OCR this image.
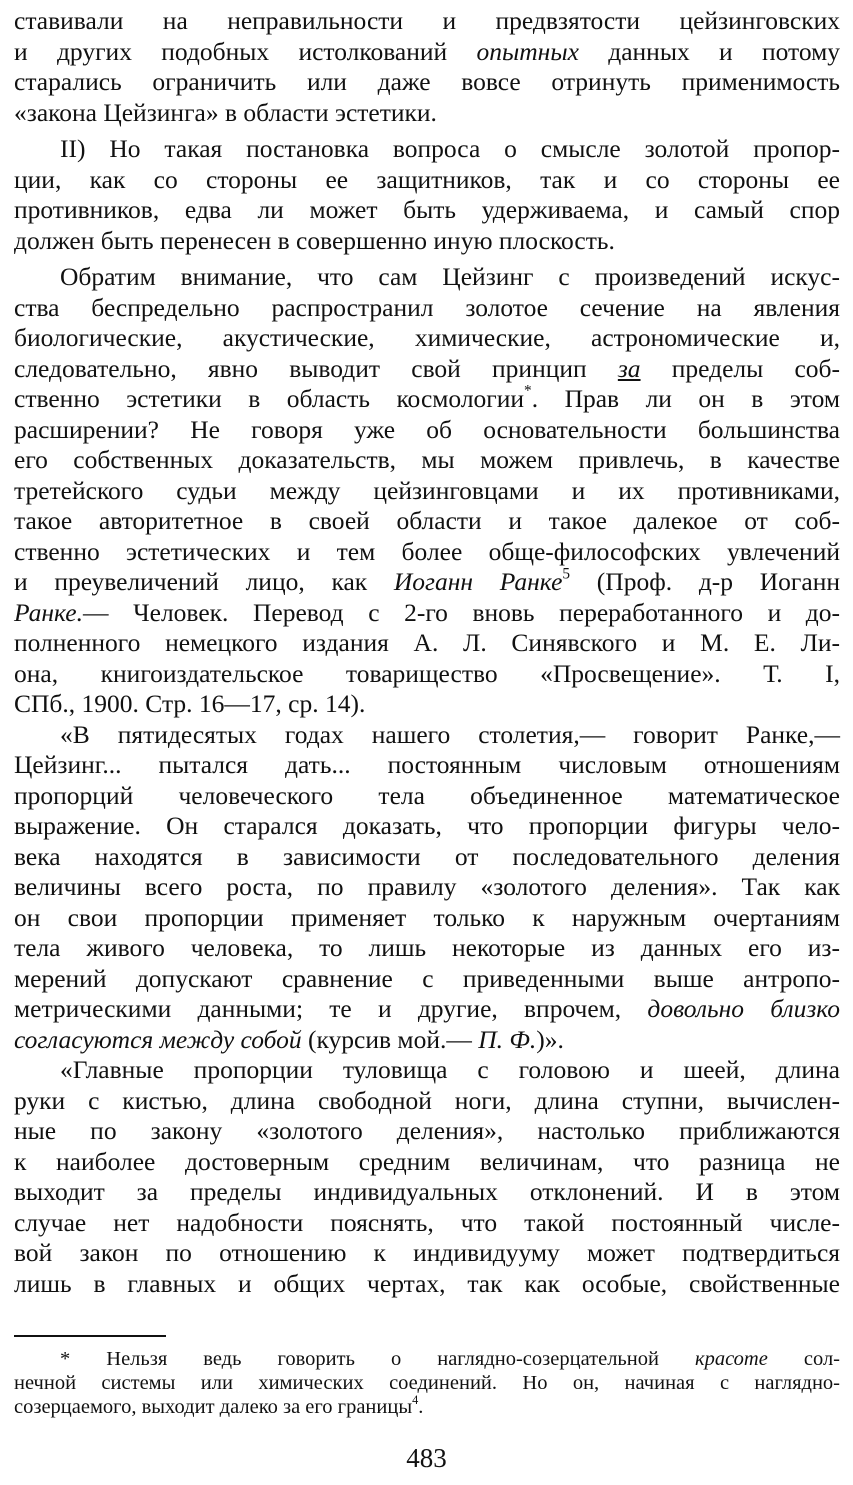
ставивали на неправильности и предвзятости цейзинговских
и других подобных истолкований опытных данных и потому
старались ограничить или даже вовсе отринуть применимость
«закона Цейзинга» в области эстетики.
II) Но такая постановка вопроса о смысле золотой пропор-
ции, как со стороны ее защитников, так и со стороны ее
противников, едва ли может быть удерживаема, и самый спор
должен быть перенесен в совершенно иную плоскость.
Обратим внимание, что сам Цейзинг с произведений искус-
ства беспредельно распространил золотое сечение на явления
биологические, акустические, химические, астрономические и,
следовательно, явно выводит свой принцип за пределы соб-
ственно эстетики в область космологии*. Прав ли он в этом
расширении? Не говоря уже об основательности большинства
его собственных доказательств, мы можем привлечь, в качестве
третейского судьи между цейзинговцами и их противниками,
такое авторитетное в своей области и такое далекое от соб-
ственно эстетических и тем более обще-философских увлечений
и преувеличений лицо, как Иоганн Ранке$^5$ (Проф. д-р Иоганн
Ранке.— Человек. Перевод с 2-го вновь переработанного и до-
полненного немецкого издания А. Л. Синявского и М. Е. Ли-
она, книгоиздательское товарищество «Просвещение». Т. I,
СПб., 1900. Стр. 16—17, ср. 14).
«В пятидесятых годах нашего столетия,— говорит Ранке,—
Цейзинг... пытался дать... постоянным числовым отношениям
пропорций человеческого тела объединенное математическое
выражение. Он старался доказать, что пропорции фигуры чело-
века находятся в зависимости от последовательного деления
величины всего роста, по правилу «золотого деления». Так как
он свои пропорции применяет только к наружным очертаниям
тела живого человека, то лишь некоторые из данных его из-
мерений допускают сравнение с приведенными выше антропо-
метрическими данными; те и другие, впрочем, довольно близко
согласуются между собой (курсив мой.— П. Ф.)».
«Главные пропорции туловища с головою и шеей, длина
руки с кистью, длина свободной ноги, длина ступни, вычислен-
ные по закону «золотого деления», настолько приближаются
к наиболее достоверным средним величинам, что разница не
выходит за пределы индивидуальных отклонений. И в этом
случае нет надобности пояснять, что такой постоянный числе-
вой закон по отношению к индивидууму может подтвердиться
лишь в главных и общих чертах, так как особые, свойственные
* Нельзя ведь говорить о наглядно-созерцательной красоте сол-
нечной системы или химических соединений. Но он, начиная с наглядно-
созерцаемого, выходит далеко за его границы$^4$.
483
